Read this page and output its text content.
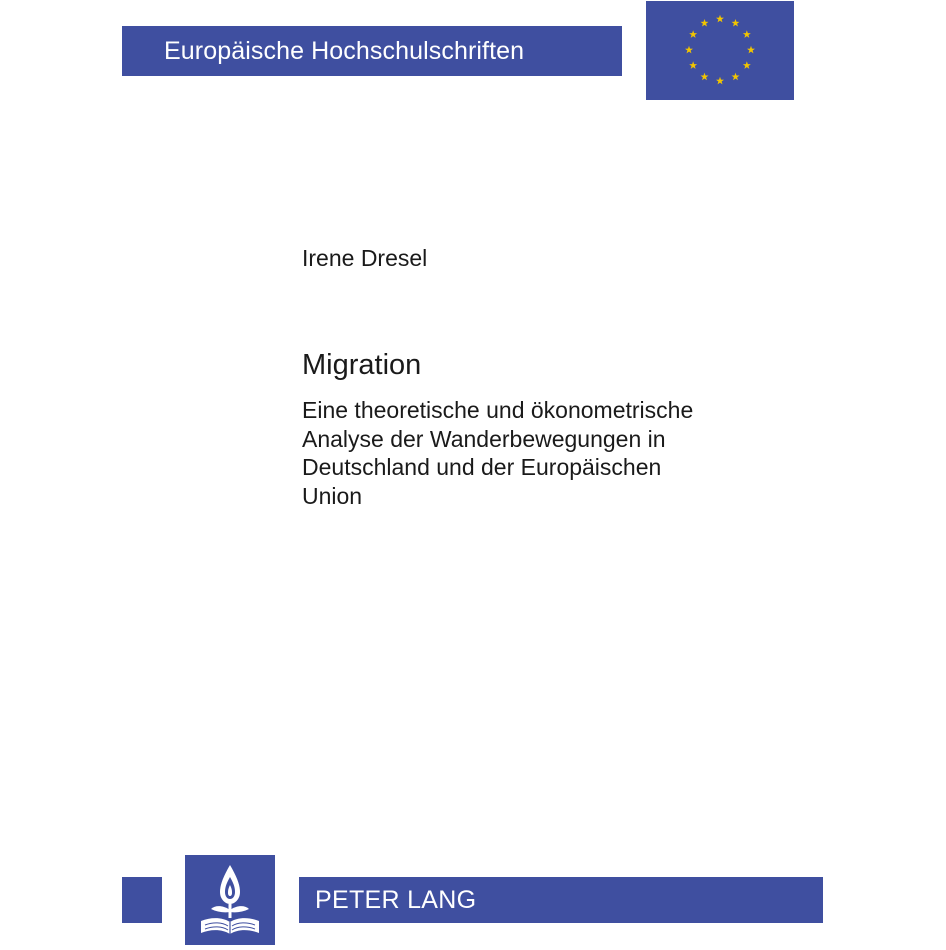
Europäische Hochschulschriften
Irene Dresel
Migration
Eine theoretische und ökonometrische
Analyse der Wanderbewegungen in
Deutschland und der Europäischen
Union
PETER LANG
